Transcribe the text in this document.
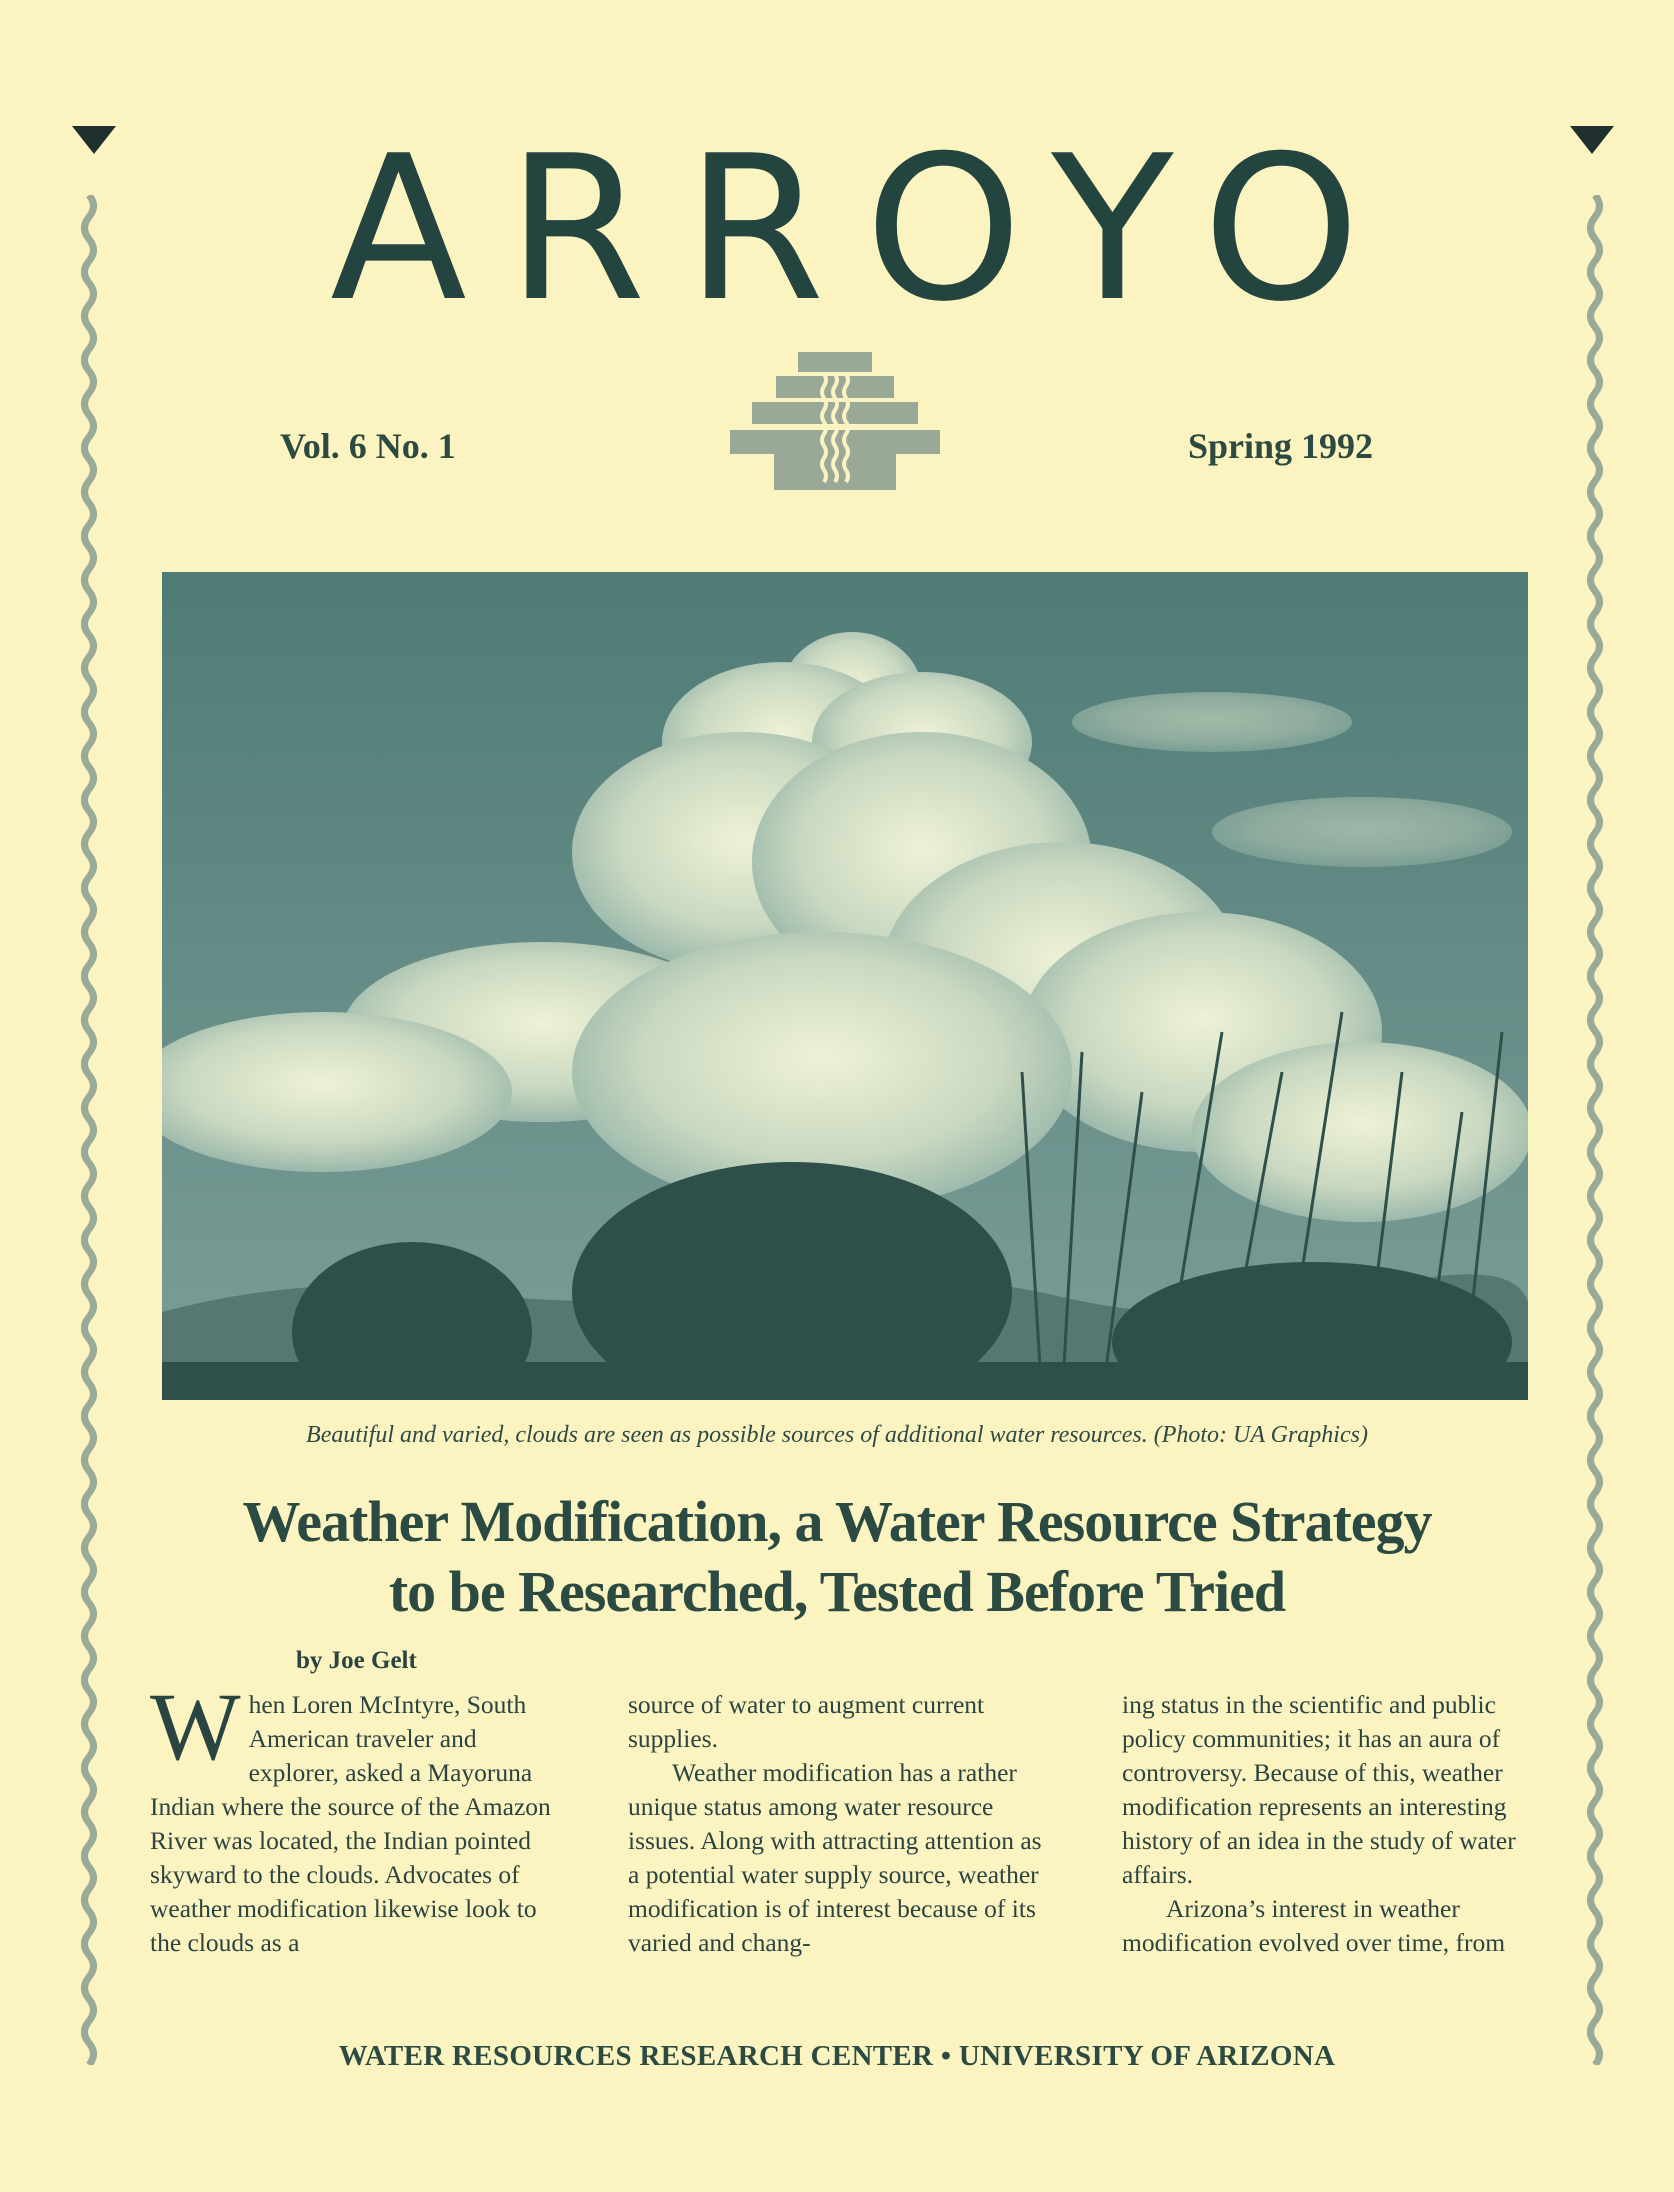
ARROYO
Vol. 6 No. 1	Spring 1992
Beautiful and varied, clouds are seen as possible sources of additional water resources. (Photo: UA Graphics)
Weather Modification, a Water Resource Strategy
to be Researched, Tested Before Tried
by Joe Gelt
W hen Loren McIntyre, South American traveler and explorer, asked a Mayoruna Indian where the source of the Amazon River was located, the Indian pointed skyward to the clouds. Advocates of weather modification likewise look to the clouds as a

source of water to augment current supplies.

Weather modification has a rather unique status among water resource issues. Along with attracting attention as a potential water supply source, weather modification is of interest because of its varied and chang-

ing status in the scientific and public policy communities; it has an aura of controversy. Because of this, weather modification represents an interesting history of an idea in the study of water affairs.

Arizona’s interest in weather modification evolved over time, from

WATER RESOURCES RESEARCH CENTER • UNIVERSITY OF ARIZONA
